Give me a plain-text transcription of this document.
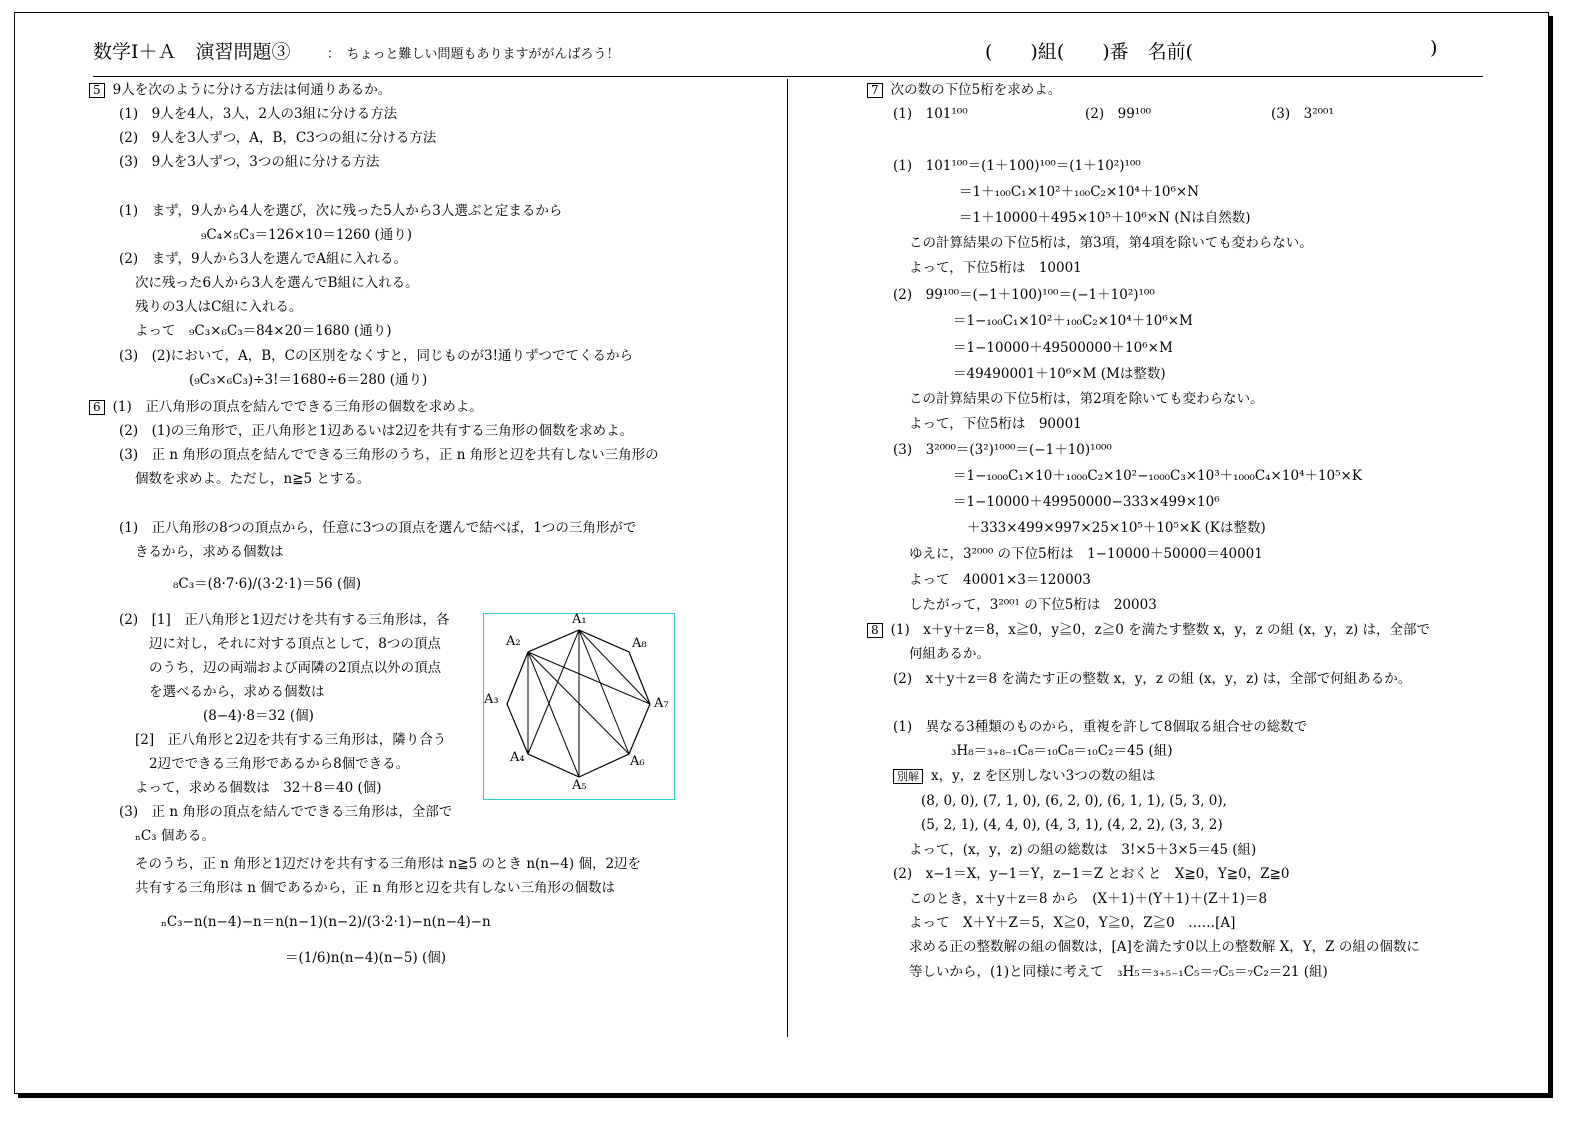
数学Ⅰ＋Ａ　演習問題③	：　ちょっと難しい問題もありますががんばろう！	(　　)組(　　)番　名前(	)
5 9人を次のように分ける方法は何通りあるか。
(1)　9人を4人，3人，2人の3組に分ける方法
(2)　9人を3人ずつ，A，B，C3つの組に分ける方法
(3)　9人を3人ずつ，3つの組に分ける方法
(1)　まず，9人から4人を選び，次に残った5人から3人選ぶと定まるから
₉C₄×₅C₃＝126×10＝1260 (通り)
(2)　まず，9人から3人を選んでA組に入れる。
次に残った6人から3人を選んでB組に入れる。
残りの3人はC組に入れる。
よって　₉C₃×₆C₃＝84×20＝1680 (通り)
(3)　(2)において，A，B，Cの区別をなくすと，同じものが3!通りずつでてくるから
(₉C₃×₆C₃)÷3!＝1680÷6＝280 (通り)
6 (1)　正八角形の頂点を結んでできる三角形の個数を求めよ。
(2)　(1)の三角形で，正八角形と1辺あるいは2辺を共有する三角形の個数を求めよ。
(3)　正 n 角形の頂点を結んでできる三角形のうち，正 n 角形と辺を共有しない三角形の
個数を求めよ。ただし，n≧5 とする。
(1)　正八角形の8つの頂点から，任意に3つの頂点を選んで結べば，1つの三角形がで
きるから，求める個数は
₈C₃＝(8·7·6)/(3·2·1)＝56 (個)
(2)　[1]　正八角形と1辺だけを共有する三角形は，各
辺に対し，それに対する頂点として，8つの頂点
のうち，辺の両端および両隣の2頂点以外の頂点
を選べるから，求める個数は
(8−4)·8＝32 (個)
[2]　正八角形と2辺を共有する三角形は，隣り合う
2辺でできる三角形であるから8個できる。
よって，求める個数は　32＋8＝40 (個)
(3)　正 n 角形の頂点を結んでできる三角形は，全部で
ₙC₃ 個ある。
そのうち，正 n 角形と1辺だけを共有する三角形は n≧5 のとき n(n−4) 個，2辺を
共有する三角形は n 個であるから，正 n 角形と辺を共有しない三角形の個数は
ₙC₃−n(n−4)−n＝n(n−1)(n−2)/(3·2·1)−n(n−4)−n
＝(1/6)n(n−4)(n−5) (個)
A₁
A₂
A₃
A₄
A₅
A₆
A₇
A₈
7 次の数の下位5桁を求めよ。
(1)　101¹⁰⁰	(2)　99¹⁰⁰	(3)　3²⁰⁰¹
(1)　101¹⁰⁰＝(1＋100)¹⁰⁰＝(1＋10²)¹⁰⁰
＝1＋₁₀₀C₁×10²＋₁₀₀C₂×10⁴＋10⁶×N
＝1＋10000＋495×10⁵＋10⁶×N (Nは自然数)
この計算結果の下位5桁は，第3項，第4項を除いても変わらない。
よって，下位5桁は　10001
(2)　99¹⁰⁰＝(−1＋100)¹⁰⁰＝(−1＋10²)¹⁰⁰
＝1−₁₀₀C₁×10²＋₁₀₀C₂×10⁴＋10⁶×M
＝1−10000＋49500000＋10⁶×M
＝49490001＋10⁶×M (Mは整数)
この計算結果の下位5桁は，第2項を除いても変わらない。
よって，下位5桁は　90001
(3)　3²⁰⁰⁰＝(3²)¹⁰⁰⁰＝(−1＋10)¹⁰⁰⁰
＝1−₁₀₀₀C₁×10＋₁₀₀₀C₂×10²−₁₀₀₀C₃×10³＋₁₀₀₀C₄×10⁴＋10⁵×K
＝1−10000＋49950000−333×499×10⁶
＋333×499×997×25×10⁵＋10⁵×K (Kは整数)
ゆえに，3²⁰⁰⁰ の下位5桁は　1−10000＋50000＝40001
よって　40001×3＝120003
したがって，3²⁰⁰¹ の下位5桁は　20003
8 (1)　x＋y＋z＝8，x≧0，y≧0，z≧0 を満たす整数 x，y，z の組 (x，y，z) は，全部で
何組あるか。
(2)　x＋y＋z＝8 を満たす正の整数 x，y，z の組 (x，y，z) は，全部で何組あるか。
(1)　異なる3種類のものから，重複を許して8個取る組合せの総数で
₃H₈＝₃₊₈₋₁C₈＝₁₀C₈＝₁₀C₂＝45 (組)
別解 x，y，z を区別しない3つの数の組は
(8, 0, 0), (7, 1, 0), (6, 2, 0), (6, 1, 1), (5, 3, 0),
(5, 2, 1), (4, 4, 0), (4, 3, 1), (4, 2, 2), (3, 3, 2)
よって，(x，y，z) の組の総数は　3!×5＋3×5＝45 (組)
(2)　x−1＝X，y−1＝Y，z−1＝Z とおくと　X≧0，Y≧0，Z≧0
このとき，x＋y＋z＝8 から　(X＋1)＋(Y＋1)＋(Z＋1)＝8
よって　X＋Y＋Z＝5，X≧0，Y≧0，Z≧0　……[A]
求める正の整数解の組の個数は，[A]を満たす0以上の整数解 X，Y，Z の組の個数に
等しいから，(1)と同様に考えて　₃H₅＝₃₊₅₋₁C₅＝₇C₅＝₇C₂＝21 (組)
